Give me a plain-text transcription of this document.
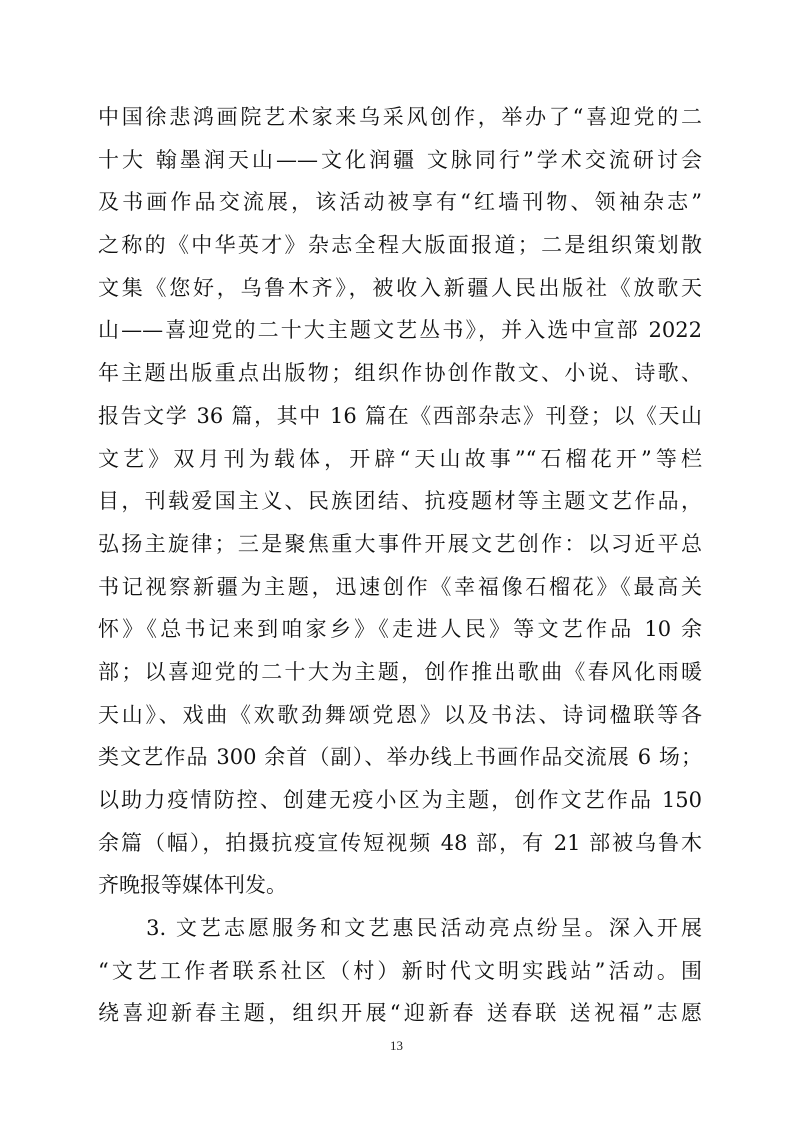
中国徐悲鸿画院艺术家来乌采风创作，举办了“喜迎党的二
十大 翰墨润天山——文化润疆 文脉同行”学术交流研讨会
及书画作品交流展，该活动被享有“红墙刊物、领袖杂志”
之称的《中华英才》杂志全程大版面报道；二是组织策划散
文集《您好，乌鲁木齐》，被收入新疆人民出版社《放歌天
山——喜迎党的二十大主题文艺丛书》，并入选中宣部 2022
年主题出版重点出版物；组织作协创作散文、小说、诗歌、
报告文学 36 篇，其中 16 篇在《西部杂志》刊登；以《天山
文艺》双月刊为载体，开辟“天山故事”“石榴花开”等栏
目，刊载爱国主义、民族团结、抗疫题材等主题文艺作品，
弘扬主旋律；三是聚焦重大事件开展文艺创作：以习近平总
书记视察新疆为主题，迅速创作《幸福像石榴花》《最高关
怀》《总书记来到咱家乡》《走进人民》等文艺作品 10 余
部；以喜迎党的二十大为主题，创作推出歌曲《春风化雨暖
天山》、戏曲《欢歌劲舞颂党恩》以及书法、诗词楹联等各
类文艺作品 300 余首（副）、举办线上书画作品交流展 6 场；
以助力疫情防控、创建无疫小区为主题，创作文艺作品 150
余篇（幅），拍摄抗疫宣传短视频 48 部，有 21 部被乌鲁木
齐晚报等媒体刊发。
　　3. 文艺志愿服务和文艺惠民活动亮点纷呈。深入开展
“文艺工作者联系社区（村）新时代文明实践站”活动。围
绕喜迎新春主题，组织开展“迎新春 送春联 送祝福”志愿
13
